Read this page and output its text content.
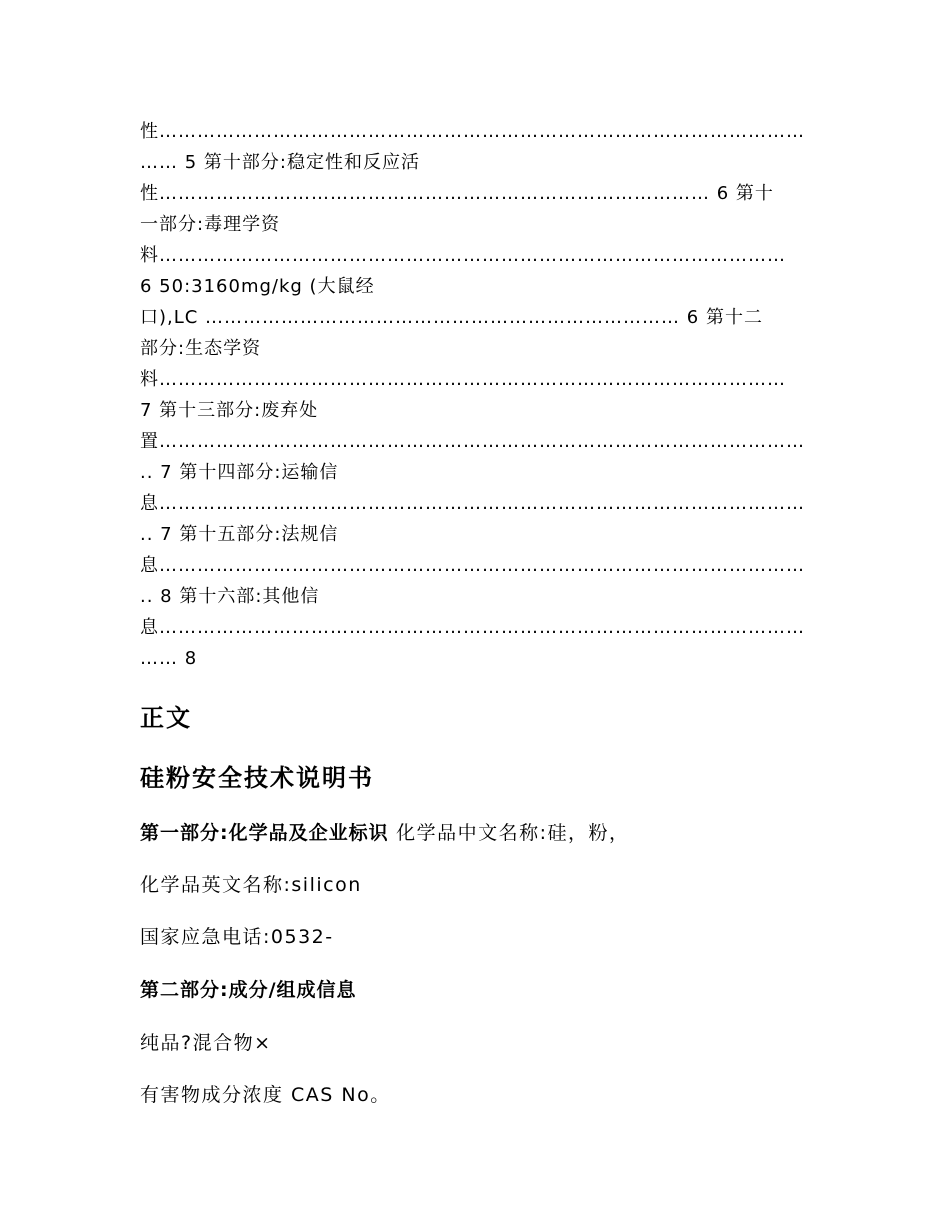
性…………………………………………………………………………………………
…… 5 第十部分:稳定性和反应活
性…………………………………………………………………………… 6 第十
一部分:毒理学资
料………………………………………………………………………………………
6 50:3160mg/kg (大鼠经
口),LC ………………………………………………………………… 6 第十二
部分:生态学资
料………………………………………………………………………………………
7 第十三部分:废弃处
置…………………………………………………………………………………………
.. 7 第十四部分:运输信
息…………………………………………………………………………………………
.. 7 第十五部分:法规信
息…………………………………………………………………………………………
.. 8 第十六部:其他信
息…………………………………………………………………………………………
…… 8
正文
硅粉安全技术说明书
第一部分:化学品及企业标识 化学品中文名称:硅，粉，
化学品英文名称:silicon
国家应急电话:0532-
第二部分:成分/组成信息
纯品?混合物×
有害物成分浓度 CAS No。
